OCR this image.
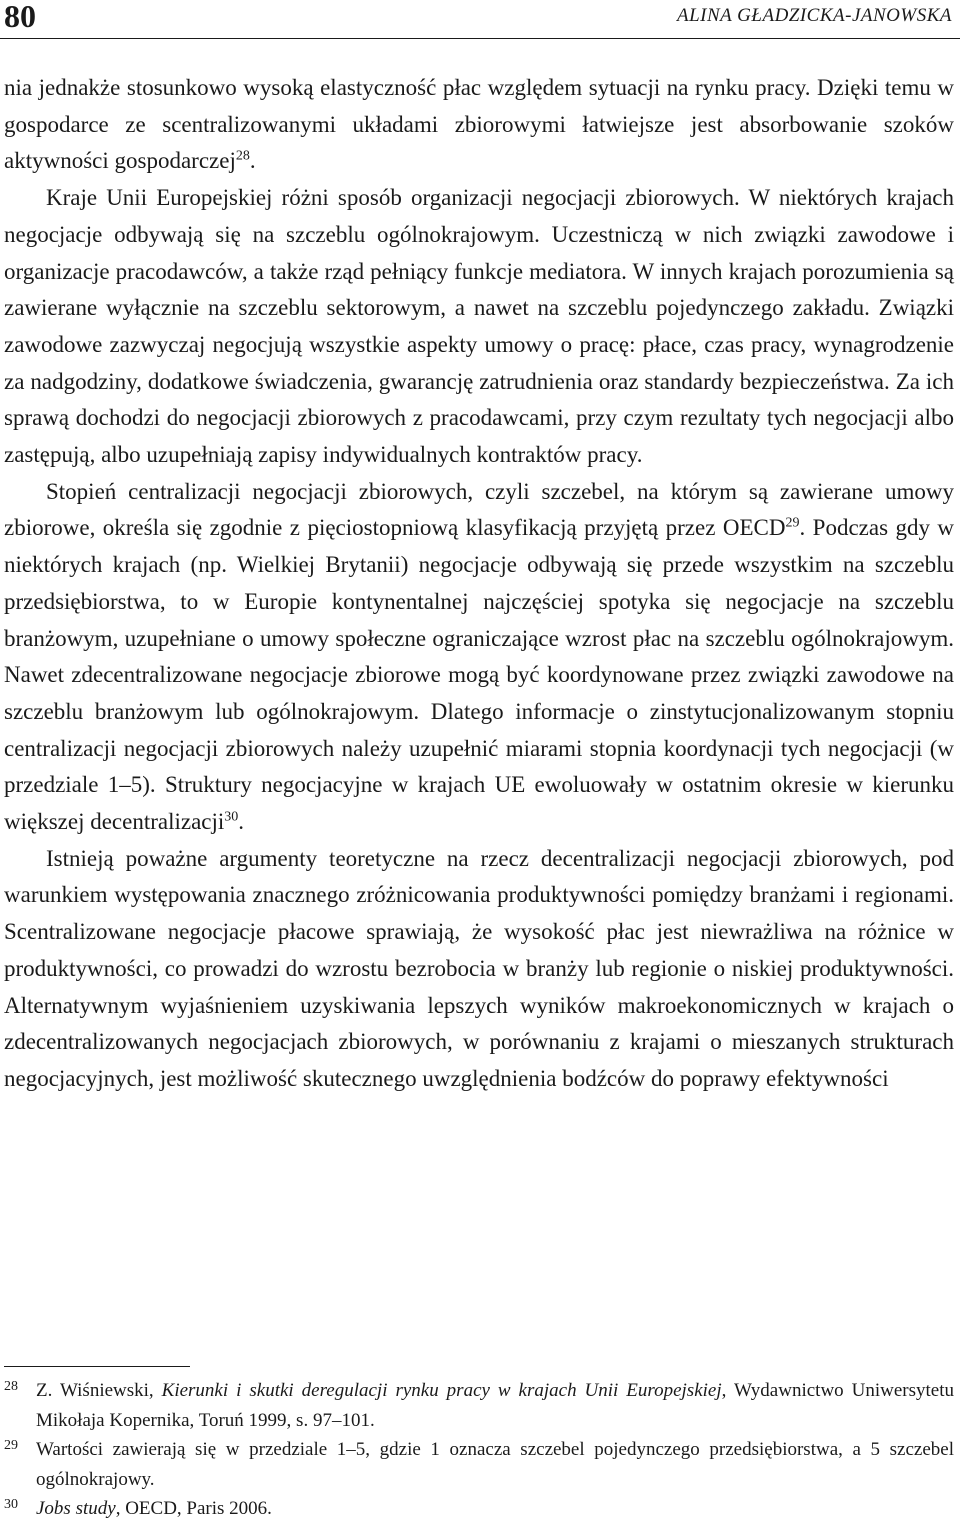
80	ALINA GŁADZICKA-JANOWSKA

nia jednakże stosunkowo wysoką elastyczność płac względem sytuacji na rynku pracy. Dzięki temu w gospodarce ze scentralizowanymi układami zbiorowymi łatwiejsze jest absorbowanie szoków aktywności gospodarczej$^{28}$.

Kraje Unii Europejskiej różni sposób organizacji negocjacji zbiorowych. W niektórych krajach negocjacje odbywają się na szczeblu ogólnokrajowym. Uczestniczą w nich związki zawodowe i organizacje pracodawców, a także rząd pełniący funkcje mediatora. W innych krajach porozumienia są zawierane wyłącznie na szczeblu sektorowym, a nawet na szczeblu pojedynczego zakładu. Związki zawodowe zazwyczaj negocjują wszystkie aspekty umowy o pracę: płace, czas pracy, wynagrodzenie za nadgodziny, dodatkowe świadczenia, gwarancję zatrudnienia oraz standardy bezpieczeństwa. Za ich sprawą dochodzi do negocjacji zbiorowych z pracodawcami, przy czym rezultaty tych negocjacji albo zastępują, albo uzupełniają zapisy indywidualnych kontraktów pracy.

Stopień centralizacji negocjacji zbiorowych, czyli szczebel, na którym są zawierane umowy zbiorowe, określa się zgodnie z pięciostopniową klasyfikacją przyjętą przez OECD$^{29}$. Podczas gdy w niektórych krajach (np. Wielkiej Brytanii) negocjacje odbywają się przede wszystkim na szczeblu przedsiębiorstwa, to w Europie kontynentalnej najczęściej spotyka się negocjacje na szczeblu branżowym, uzupełniane o umowy społeczne ograniczające wzrost płac na szczeblu ogólnokrajowym. Nawet zdecentralizowane negocjacje zbiorowe mogą być koordynowane przez związki zawodowe na szczeblu branżowym lub ogólnokrajowym. Dlatego informacje o zinstytucjonalizowanym stopniu centralizacji negocjacji zbiorowych należy uzupełnić miarami stopnia koordynacji tych negocjacji (w przedziale 1–5). Struktury negocjacyjne w krajach UE ewoluowały w ostatnim okresie w kierunku większej decentralizacji$^{30}$.

Istnieją poważne argumenty teoretyczne na rzecz decentralizacji negocjacji zbiorowych, pod warunkiem występowania znacznego zróżnicowania produktywności pomiędzy branżami i regionami. Scentralizowane negocjacje płacowe sprawiają, że wysokość płac jest niewrażliwa na różnice w produktywności, co prowadzi do wzrostu bezrobocia w branży lub regionie o niskiej produktywności. Alternatywnym wyjaśnieniem uzyskiwania lepszych wyników makroekonomicznych w krajach o zdecentralizowanych negocjacjach zbiorowych, w porównaniu z krajami o mieszanych strukturach negocjacyjnych, jest możliwość skutecznego uwzględnienia bodźców do poprawy efektywności

28 Z. Wiśniewski, Kierunki i skutki deregulacji rynku pracy w krajach Unii Europejskiej, Wydawnictwo Uniwersytetu Mikołaja Kopernika, Toruń 1999, s. 97–101.
29 Wartości zawierają się w przedziale 1–5, gdzie 1 oznacza szczebel pojedynczego przedsiębiorstwa, a 5 szczebel ogólnokrajowy.
30 Jobs study, OECD, Paris 2006.
